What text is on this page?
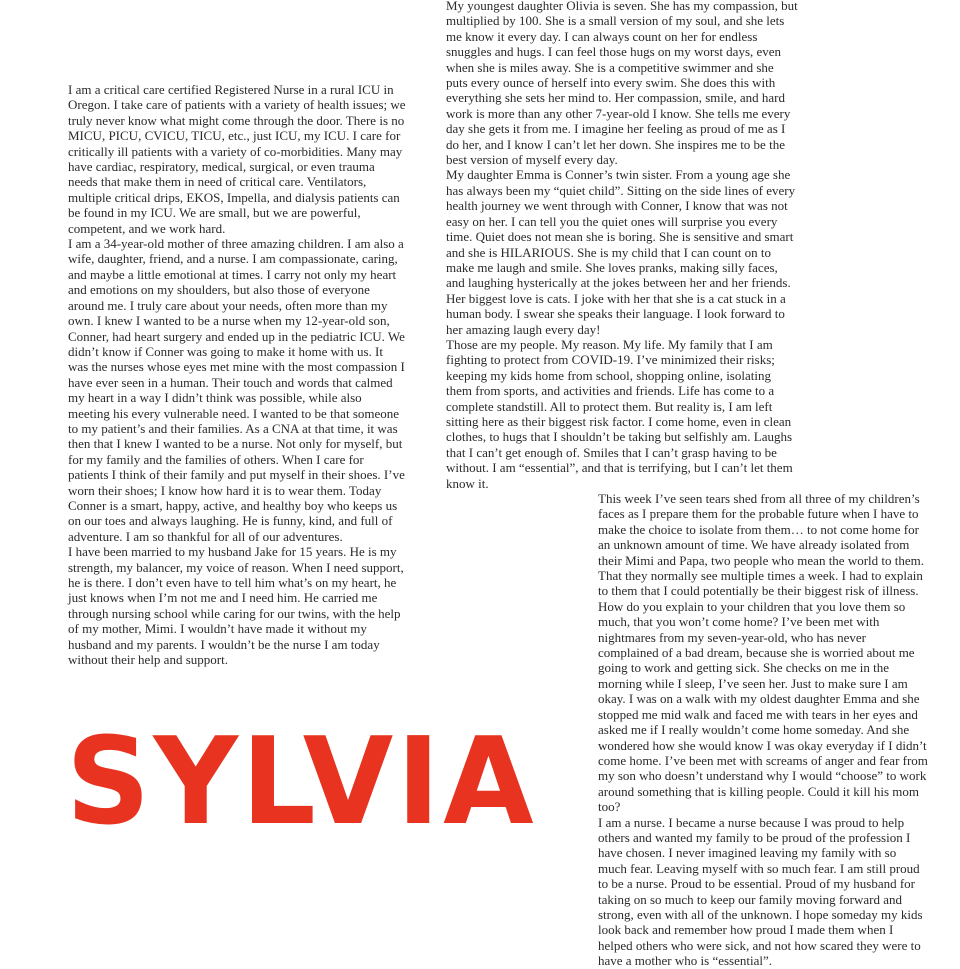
I am a critical care certified Registered Nurse in a rural ICU in Oregon. I take care of patients with a variety of health issues; we truly never know what might come through the door. There is no MICU, PICU, CVICU, TICU, etc., just ICU, my ICU. I care for critically ill patients with a variety of co-morbidities. Many may have cardiac, respiratory, medical, surgical, or even trauma needs that make them in need of critical care. Ventilators, multiple critical drips, EKOS, Impella, and dialysis patients can be found in my ICU. We are small, but we are powerful, competent, and we work hard.

I am a 34-year-old mother of three amazing children. I am also a wife, daughter, friend, and a nurse. I am compassionate, caring, and maybe a little emotional at times. I carry not only my heart and emotions on my shoulders, but also those of everyone around me. I truly care about your needs, often more than my own. I knew I wanted to be a nurse when my 12-year-old son, Conner, had heart surgery and ended up in the pediatric ICU. We didn’t know if Conner was going to make it home with us. It was the nurses whose eyes met mine with the most compassion I have ever seen in a human. Their touch and words that calmed my heart in a way I didn’t think was possible, while also meeting his every vulnerable need. I wanted to be that someone to my patient’s and their families. As a CNA at that time, it was then that I knew I wanted to be a nurse. Not only for myself, but for my family and the families of others. When I care for patients I think of their family and put myself in their shoes. I’ve worn their shoes; I know how hard it is to wear them. Today Conner is a smart, happy, active, and healthy boy who keeps us on our toes and always laughing. He is funny, kind, and full of adventure. I am so thankful for all of our adventures.

I have been married to my husband Jake for 15 years. He is my strength, my balancer, my voice of reason. When I need support, he is there. I don’t even have to tell him what’s on my heart, he just knows when I’m not me and I need him. He carried me through nursing school while caring for our twins, with the help of my mother, Mimi. I wouldn’t have made it without my husband and my parents. I wouldn’t be the nurse I am today without their help and support.

My youngest daughter Olivia is seven. She has my compassion, but multiplied by 100. She is a small version of my soul, and she lets me know it every day. I can always count on her for endless snuggles and hugs. I can feel those hugs on my worst days, even when she is miles away. She is a competitive swimmer and she puts every ounce of herself into every swim. She does this with everything she sets her mind to. Her compassion, smile, and hard work is more than any other 7-year-old I know. She tells me every day she gets it from me. I imagine her feeling as proud of me as I do her, and I know I can’t let her down. She inspires me to be the best version of myself every day.

My daughter Emma is Conner’s twin sister. From a young age she has always been my “quiet child”. Sitting on the side lines of every health journey we went through with Conner, I know that was not easy on her. I can tell you the quiet ones will surprise you every time. Quiet does not mean she is boring. She is sensitive and smart and she is HILARIOUS. She is my child that I can count on to make me laugh and smile. She loves pranks, making silly faces, and laughing hysterically at the jokes between her and her friends. Her biggest love is cats. I joke with her that she is a cat stuck in a human body. I swear she speaks their language. I look forward to her amazing laugh every day!

Those are my people. My reason. My life. My family that I am fighting to protect from COVID-19. I’ve minimized their risks; keeping my kids home from school, shopping online, isolating them from sports, and activities and friends. Life has come to a complete standstill. All to protect them. But reality is, I am left sitting here as their biggest risk factor. I come home, even in clean clothes, to hugs that I shouldn’t be taking but selfishly am. Laughs that I can’t get enough of. Smiles that I can’t grasp having to be without. I am “essential”, and that is terrifying, but I can’t let them know it.

This week I’ve seen tears shed from all three of my children’s faces as I prepare them for the probable future when I have to make the choice to isolate from them… to not come home for an unknown amount of time. We have already isolated from their Mimi and Papa, two people who mean the world to them. That they normally see multiple times a week. I had to explain to them that I could potentially be their biggest risk of illness. How do you explain to your children that you love them so much, that you won’t come home? I’ve been met with nightmares from my seven-year-old, who has never complained of a bad dream, because she is worried about me going to work and getting sick. She checks on me in the morning while I sleep, I’ve seen her. Just to make sure I am okay. I was on a walk with my oldest daughter Emma and she stopped me mid walk and faced me with tears in her eyes and asked me if I really wouldn’t come home someday. And she wondered how she would know I was okay everyday if I didn’t come home. I’ve been met with screams of anger and fear from my son who doesn’t understand why I would “choose” to work around something that is killing people. Could it kill his mom too?

I am a nurse. I became a nurse because I was proud to help others and wanted my family to be proud of the profession I have chosen. I never imagined leaving my family with so much fear. Leaving myself with so much fear. I am still proud to be a nurse. Proud to be essential. Proud of my husband for taking on so much to keep our family moving forward and strong, even with all of the unknown. I hope someday my kids look back and remember how proud I made them when I helped others who were sick, and not how scared they were to have a mother who is “essential”.

SYLVIA
